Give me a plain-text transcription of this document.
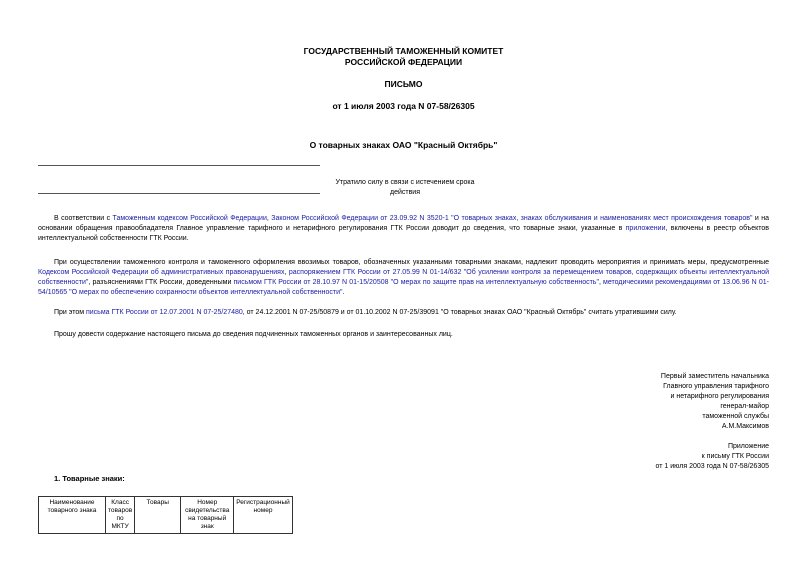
ГОСУДАРСТВЕННЫЙ ТАМОЖЕННЫЙ КОМИТЕТ
РОССИЙСКОЙ ФЕДЕРАЦИИ
ПИСЬМО
от 1 июля 2003 года N 07-58/26305
О товарных знаках ОАО "Красный Октябрь"
Утратило силу в связи с истечением срока действия
В соответствии с Таможенным кодексом Российской Федерации, Законом Российской Федерации от 23.09.92 N 3520-1 "О товарных знаках, знаках обслуживания и наименованиях мест происхождения товаров" и на основании обращения правообладателя Главное управление тарифного и нетарифного регулирования ГТК России доводит до сведения, что товарные знаки, указанные в приложении, включены в реестр объектов интеллектуальной собственности ГТК России.
При осуществлении таможенного контроля и таможенного оформления ввозимых товаров, обозначенных указанными товарными знаками, надлежит проводить мероприятия и принимать меры, предусмотренные Кодексом Российской Федерации об административных правонарушениях, распоряжением ГТК России от 27.05.99 N 01-14/632 "Об усилении контроля за перемещением товаров, содержащих объекты интеллектуальной собственности", разъяснениями ГТК России, доведенными письмом ГТК России от 28.10.97 N 01-15/20508 "О мерах по защите прав на интеллектуальную собственность", методическими рекомендациями от 13.06.96 N 01-54/10565 "О мерах по обеспечению сохранности объектов интеллектуальной собственности".
При этом письма ГТК России от 12.07.2001 N 07-25/27480, от 24.12.2001 N 07-25/50879 и от 01.10.2002 N 07-25/39091 "О товарных знаках ОАО "Красный Октябрь" считать утратившими силу.
Прошу довести содержание настоящего письма до сведения подчиненных таможенных органов и заинтересованных лиц.
Первый заместитель начальника
Главного управления тарифного
и нетарифного регулирования
генерал-майор
таможенной службы
А.М.Максимов
Приложение
к письму ГТК России
от 1 июля 2003 года N 07-58/26305
1. Товарные знаки:
Наименование товарного знака	Класс товаров по МКТУ	Товары	Номер свидетельства на товарный знак	Регистрационный номер
